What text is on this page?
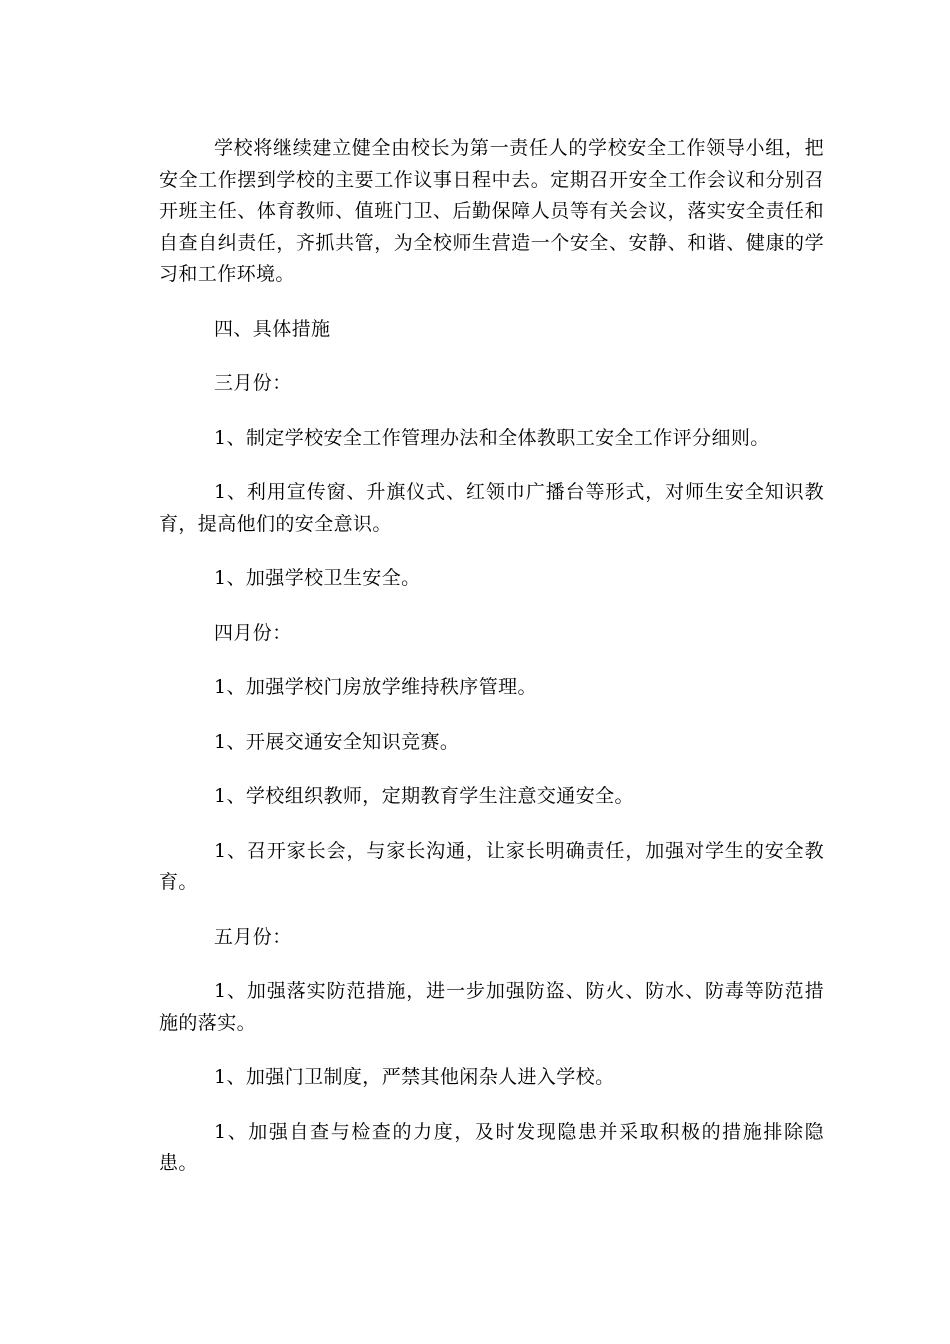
学校将继续建立健全由校长为第一责任人的学校安全工作领导小组，把安全工作摆到学校的主要工作议事日程中去。定期召开安全工作会议和分别召开班主任、体育教师、值班门卫、后勤保障人员等有关会议，落实安全责任和自查自纠责任，齐抓共管，为全校师生营造一个安全、安静、和谐、健康的学习和工作环境。

四、具体措施

三月份：

1、制定学校安全工作管理办法和全体教职工安全工作评分细则。

1、利用宣传窗、升旗仪式、红领巾广播台等形式，对师生安全知识教育，提高他们的安全意识。

1、加强学校卫生安全。

四月份：

1、加强学校门房放学维持秩序管理。

1、开展交通安全知识竞赛。

1、学校组织教师，定期教育学生注意交通安全。

1、召开家长会，与家长沟通，让家长明确责任，加强对学生的安全教育。

五月份：

1、加强落实防范措施，进一步加强防盗、防火、防水、防毒等防范措施的落实。

1、加强门卫制度，严禁其他闲杂人进入学校。

1、加强自查与检查的力度，及时发现隐患并采取积极的措施排除隐患。
